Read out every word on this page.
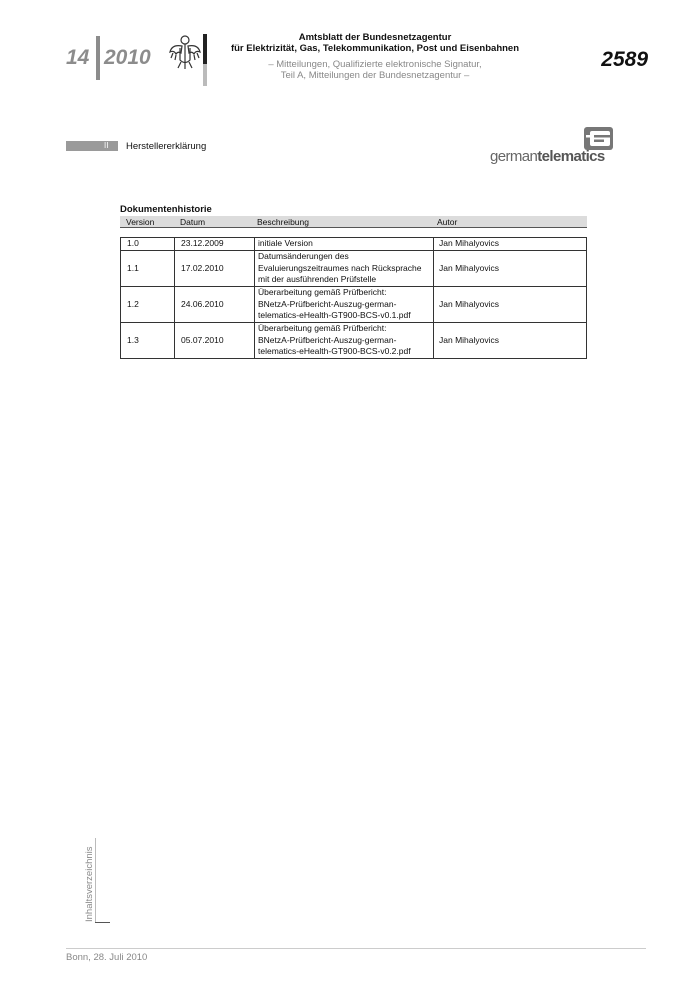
14 2010
Amtsblatt der Bundesnetzagentur
für Elektrizität, Gas, Telekommunikation, Post und Eisenbahnen
– Mitteilungen, Qualifizierte elektronische Signatur,
Teil A, Mitteilungen der Bundesnetzagentur –
2589
II Herstellererklärung
germantelematics
Dokumentenhistorie
Version	Datum	Beschreibung	Autor
1.0	23.12.2009	initiale Version	Jan Mihalyovics
1.1	17.02.2010	Datumsänderungen des
Evaluierungszeitraumes nach Rücksprache
mit der ausführenden Prüfstelle	Jan Mihalyovics
1.2	24.06.2010	Überarbeitung gemäß Prüfbericht:
BNetzA-Prüfbericht-Auszug-german-
telematics-eHealth-GT900-BCS-v0.1.pdf	Jan Mihalyovics
1.3	05.07.2010	Überarbeitung gemäß Prüfbericht:
BNetzA-Prüfbericht-Auszug-german-
telematics-eHealth-GT900-BCS-v0.2.pdf	Jan Mihalyovics
Inhaltsverzeichnis
Bonn, 28. Juli 2010
